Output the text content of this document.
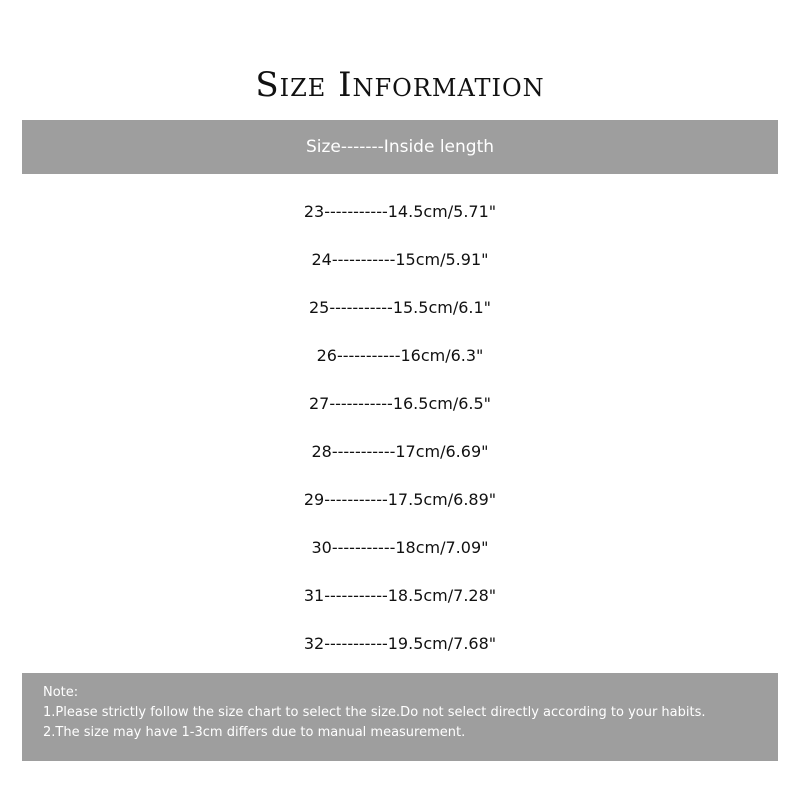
Size Information
Size-------Inside length
23-----------14.5cm/5.71"
24-----------15cm/5.91"
25-----------15.5cm/6.1"
26-----------16cm/6.3"
27-----------16.5cm/6.5"
28-----------17cm/6.69"
29-----------17.5cm/6.89"
30-----------18cm/7.09"
31-----------18.5cm/7.28"
32-----------19.5cm/7.68"
Note:
1.Please strictly follow the size chart to select the size.Do not select directly according to your habits.
2.The size may have 1-3cm differs due to manual measurement.
